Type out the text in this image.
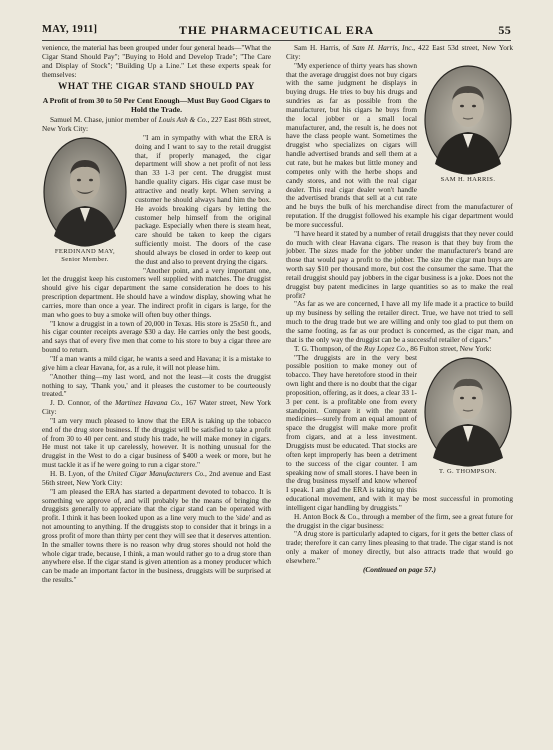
MAY, 1911]	THE PHARMACEUTICAL ERA	55

venience, the material has been grouped under four general heads—"What the Cigar Stand Should Pay"; "Buying to Hold and Develop Trade"; "The Care and Display of Stock"; "Building Up a Line." Let these experts speak for themselves:

WHAT THE CIGAR STAND SHOULD PAY
A Profit of from 30 to 50 Per Cent Enough—Must Buy Good Cigars to Hold the Trade.

Samuel M. Chase, junior member of Louis Ash & Co., 227 East 86th street, New York City:

FERDINAND MAY,
Senior Member.

"I am in sympathy with what the ERA is doing and I want to say to the retail druggist that, if properly managed, the cigar department will show a net profit of not less than 33 1-3 per cent. The druggist must handle quality cigars. His cigar case must be attractive and neatly kept. When serving a customer he should always hand him the box. He avoids breaking cigars by letting the customer help himself from the original package. Especially when there is steam heat, care should be taken to keep the cigars sufficiently moist. The doors of the case should always be closed in order to keep out the dust and also to prevent drying the cigars.

"Another point, and a very important one, let the druggist keep his customers well supplied with matches. The druggist should give his cigar department the same consideration he does to his prescription department. He should have a window display, showing what he carries, more than once a year. The indirect profit in cigars is large, for the man who goes to buy a smoke will often buy other things.

"I know a druggist in a town of 20,000 in Texas. His store is 25x50 ft., and his cigar counter receipts average $30 a day. He carries only the best goods, and says that of every five men that come to his store to buy a cigar three are bound to return.

"If a man wants a mild cigar, he wants a seed and Havana; it is a mistake to give him a clear Havana, for, as a rule, it will not please him.

"Another thing—my last word, and not the least—it costs the druggist nothing to say, 'Thank you,' and it pleases the customer to be courteously treated."

J. D. Connor, of the Martinez Havana Co., 167 Water street, New York City:

"I am very much pleased to know that the ERA is taking up the tobacco end of the drug store business. If the druggist will be satisfied to take a profit of from 30 to 40 per cent. and study his trade, he will make money in cigars. He must not take it up carelessly, however. It is nothing unusual for the druggist in the West to do a cigar business of $400 a week or more, but he must tackle it as if he were going to run a cigar store."

H. B. Lyon, of the United Cigar Manufacturers Co., 2nd avenue and East 56th street, New York City:

"I am pleased the ERA has started a department devoted to tobacco. It is something we approve of, and will probably be the means of bringing the druggists generally to appreciate that the cigar stand can be operated with profit. I think it has been looked upon as a line very much to the 'side' and as not amounting to anything. If the druggists stop to consider that it brings in a gross profit of more than thirty per cent they will see that it deserves attention. In the smaller towns there is no reason why drug stores should not hold the whole cigar trade, because, I think, a man would rather go to a drug store than anywhere else. If the cigar stand is given attention as a money producer which can be made an important factor in the business, druggists will be surprised at the results."

Sam H. Harris, of Sam H. Harris, Inc., 422 East 53d street, New York City:

SAM H. HARRIS.

"My experience of thirty years has shown that the average druggist does not buy cigars with the same judgment he displays in buying drugs. He tries to buy his drugs and sundries as far as possible from the manufacturer, but his cigars he buys from the local jobber or a small local manufacturer, and, the result is, he does not have the class people want. Sometimes the druggist who specializes on cigars will handle advertised brands and sell them at a cut rate, but he makes but little money and competes only with the herbe shops and candy stores, and not with the real cigar dealer. This real cigar dealer won't handle the advertised brands that sell at a cut rate and he buys the bulk of his merchandise direct from the manufacturer of reputation. If the druggist followed his example his cigar department would be more successful.

"I have heard it stated by a number of retail druggists that they never could do much with clear Havana cigars. The reason is that they buy from the jobber. The sizes made for the jobber under the manufacturer's brand are those that would pay a profit to the jobber. The size the cigar man buys are worth say $10 per thousand more, but cost the consumer the same. That the retail druggist should pay jobbers in the cigar business is a joke. Does not the druggist buy patent medicines in large quantities so as to make the real profit?

"As far as we are concerned, I have all my life made it a practice to build up my business by selling the retailer direct. True, we have not tried to sell much to the drug trade but we are willing and only too glad to put them on the same footing, as far as our product is concerned, as the cigar man, and that is the only way the druggist can be a successful retailer of cigars."

T. G. Thompson, of the Ruy Lopez Co., 86 Fulton street, New York:

T. G. THOMPSON.

"The druggists are in the very best possible position to make money out of tobacco. They have heretofore stood in their own light and there is no doubt that the cigar proposition, offering, as it does, a clear 33 1-3 per cent. is a profitable one from every standpoint. Compare it with the patent medicines—surely from an equal amount of space the druggist will make more profit from cigars, and at a less investment. Druggists must be educated. That stocks are often kept improperly has been a detriment to the success of the cigar counter. I am speaking now of small stores. I have been in the drug business myself and know whereof I speak. I am glad the ERA is taking up this educational movement, and with it may be most successful in promoting intelligent cigar handling by druggists."

H. Anton Bock & Co., through a member of the firm, see a great future for the druggist in the cigar business:

"A drug store is particularly adapted to cigars, for it gets the better class of trade; therefore it can carry lines pleasing to that trade. The cigar stand is not only a maker of money directly, but also attracts trade that would go elsewhere."

(Continued on page 57.)
